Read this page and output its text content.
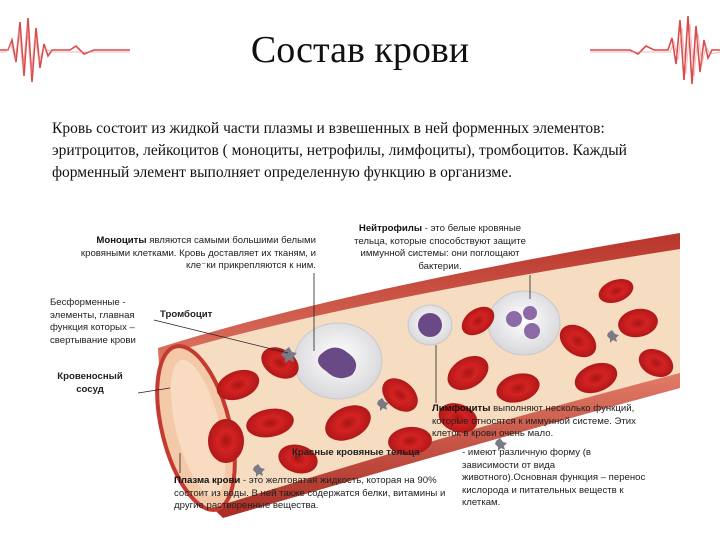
Состав крови
Кровь состоит из жидкой части плазмы и взвешенных в ней форменных элементов: эритроцитов, лейкоцитов ( моноциты, нетрофилы, лимфоциты), тромбоцитов. Каждый форменный элемент выполняет определенную функцию в организме.
Моноциты являются самыми большими белыми кровяными клетками. Кровь доставляет их тканям, и кле⁻ки прикрепляются к ним.
Нейтрофилы - это белые кровяные тельца, которые способствуют защите иммунной системы: они поглощают бактерии.
Бесформенные - элементы, главная функция которых – свертывание крови
Тромбоцит
Кровеносный сосуд
Лимфоциты выполняют несколько функций, которые относятся к иммунной системе. Этих клеток в крови очень мало.
Красные кровяные тельца	- имеют различную форму (в зависимости от вида животного).Основная функция – перенос кислорода и питательных веществ к клеткам.
Плазма крови - это желтоватая жидкость, которая на 90% состоит из воды. В ней также содержатся белки, витамины и другие растворенные вещества.
